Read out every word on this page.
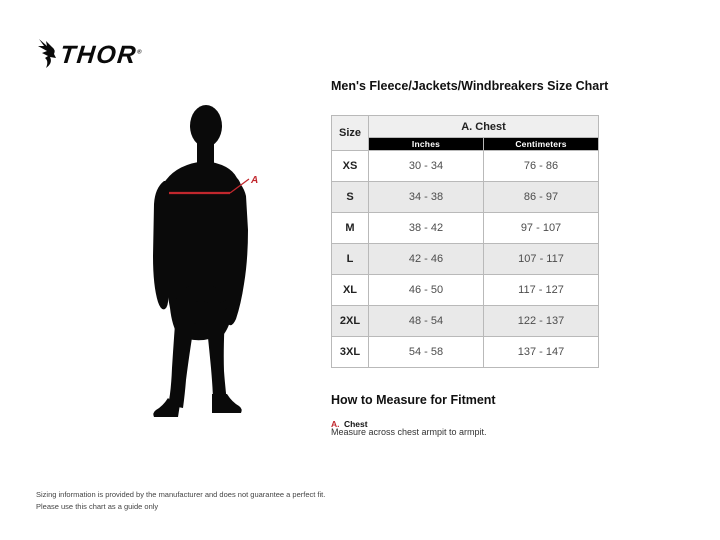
THOR®
A
Men's Fleece/Jackets/Windbreakers Size Chart
Size	A. Chest	
	Inches	Centimeters
XS	30 - 34	76 - 86
S	34 - 38	86 - 97
M	38 - 42	97 - 107
L	42 - 46	107 - 117
XL	46 - 50	117 - 127
2XL	48 - 54	122 - 137
3XL	54 - 58	137 - 147
How to Measure for Fitment
A. Chest
Measure across chest armpit to armpit.
Sizing information is provided by the manufacturer and does not guarantee a perfect fit.
Please use this chart as a guide only
